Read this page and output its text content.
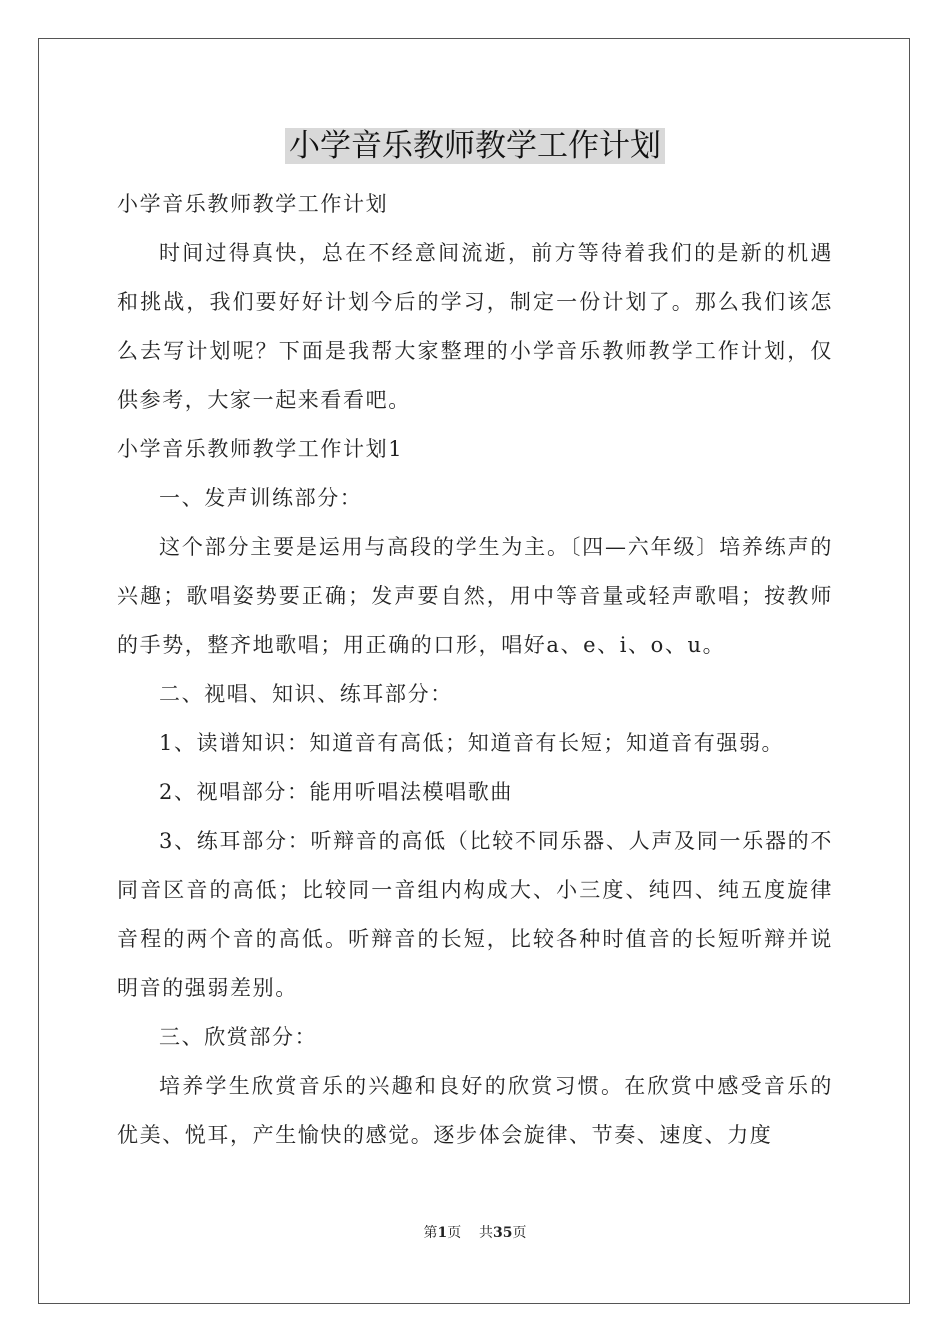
小学音乐教师教学工作计划

小学音乐教师教学工作计划

时间过得真快，总在不经意间流逝，前方等待着我们的是新的机遇和挑战，我们要好好计划今后的学习，制定一份计划了。那么我们该怎么去写计划呢？下面是我帮大家整理的小学音乐教师教学工作计划，仅供参考，大家一起来看看吧。

小学音乐教师教学工作计划1

一、发声训练部分：

这个部分主要是运用与高段的学生为主。〔四—六年级〕培养练声的兴趣；歌唱姿势要正确；发声要自然，用中等音量或轻声歌唱；按教师的手势，整齐地歌唱；用正确的口形，唱好a、e、i、o、u。

二、视唱、知识、练耳部分：

1、读谱知识：知道音有高低；知道音有长短；知道音有强弱。

2、视唱部分：能用听唱法模唱歌曲

3、练耳部分：听辩音的高低（比较不同乐器、人声及同一乐器的不同音区音的高低；比较同一音组内构成大、小三度、纯四、纯五度旋律音程的两个音的高低。听辩音的长短，比较各种时值音的长短听辩并说明音的强弱差别。

三、欣赏部分：

培养学生欣赏音乐的兴趣和良好的欣赏习惯。在欣赏中感受音乐的优美、悦耳，产生愉快的感觉。逐步体会旋律、节奏、速度、力度

第1页 共35页
